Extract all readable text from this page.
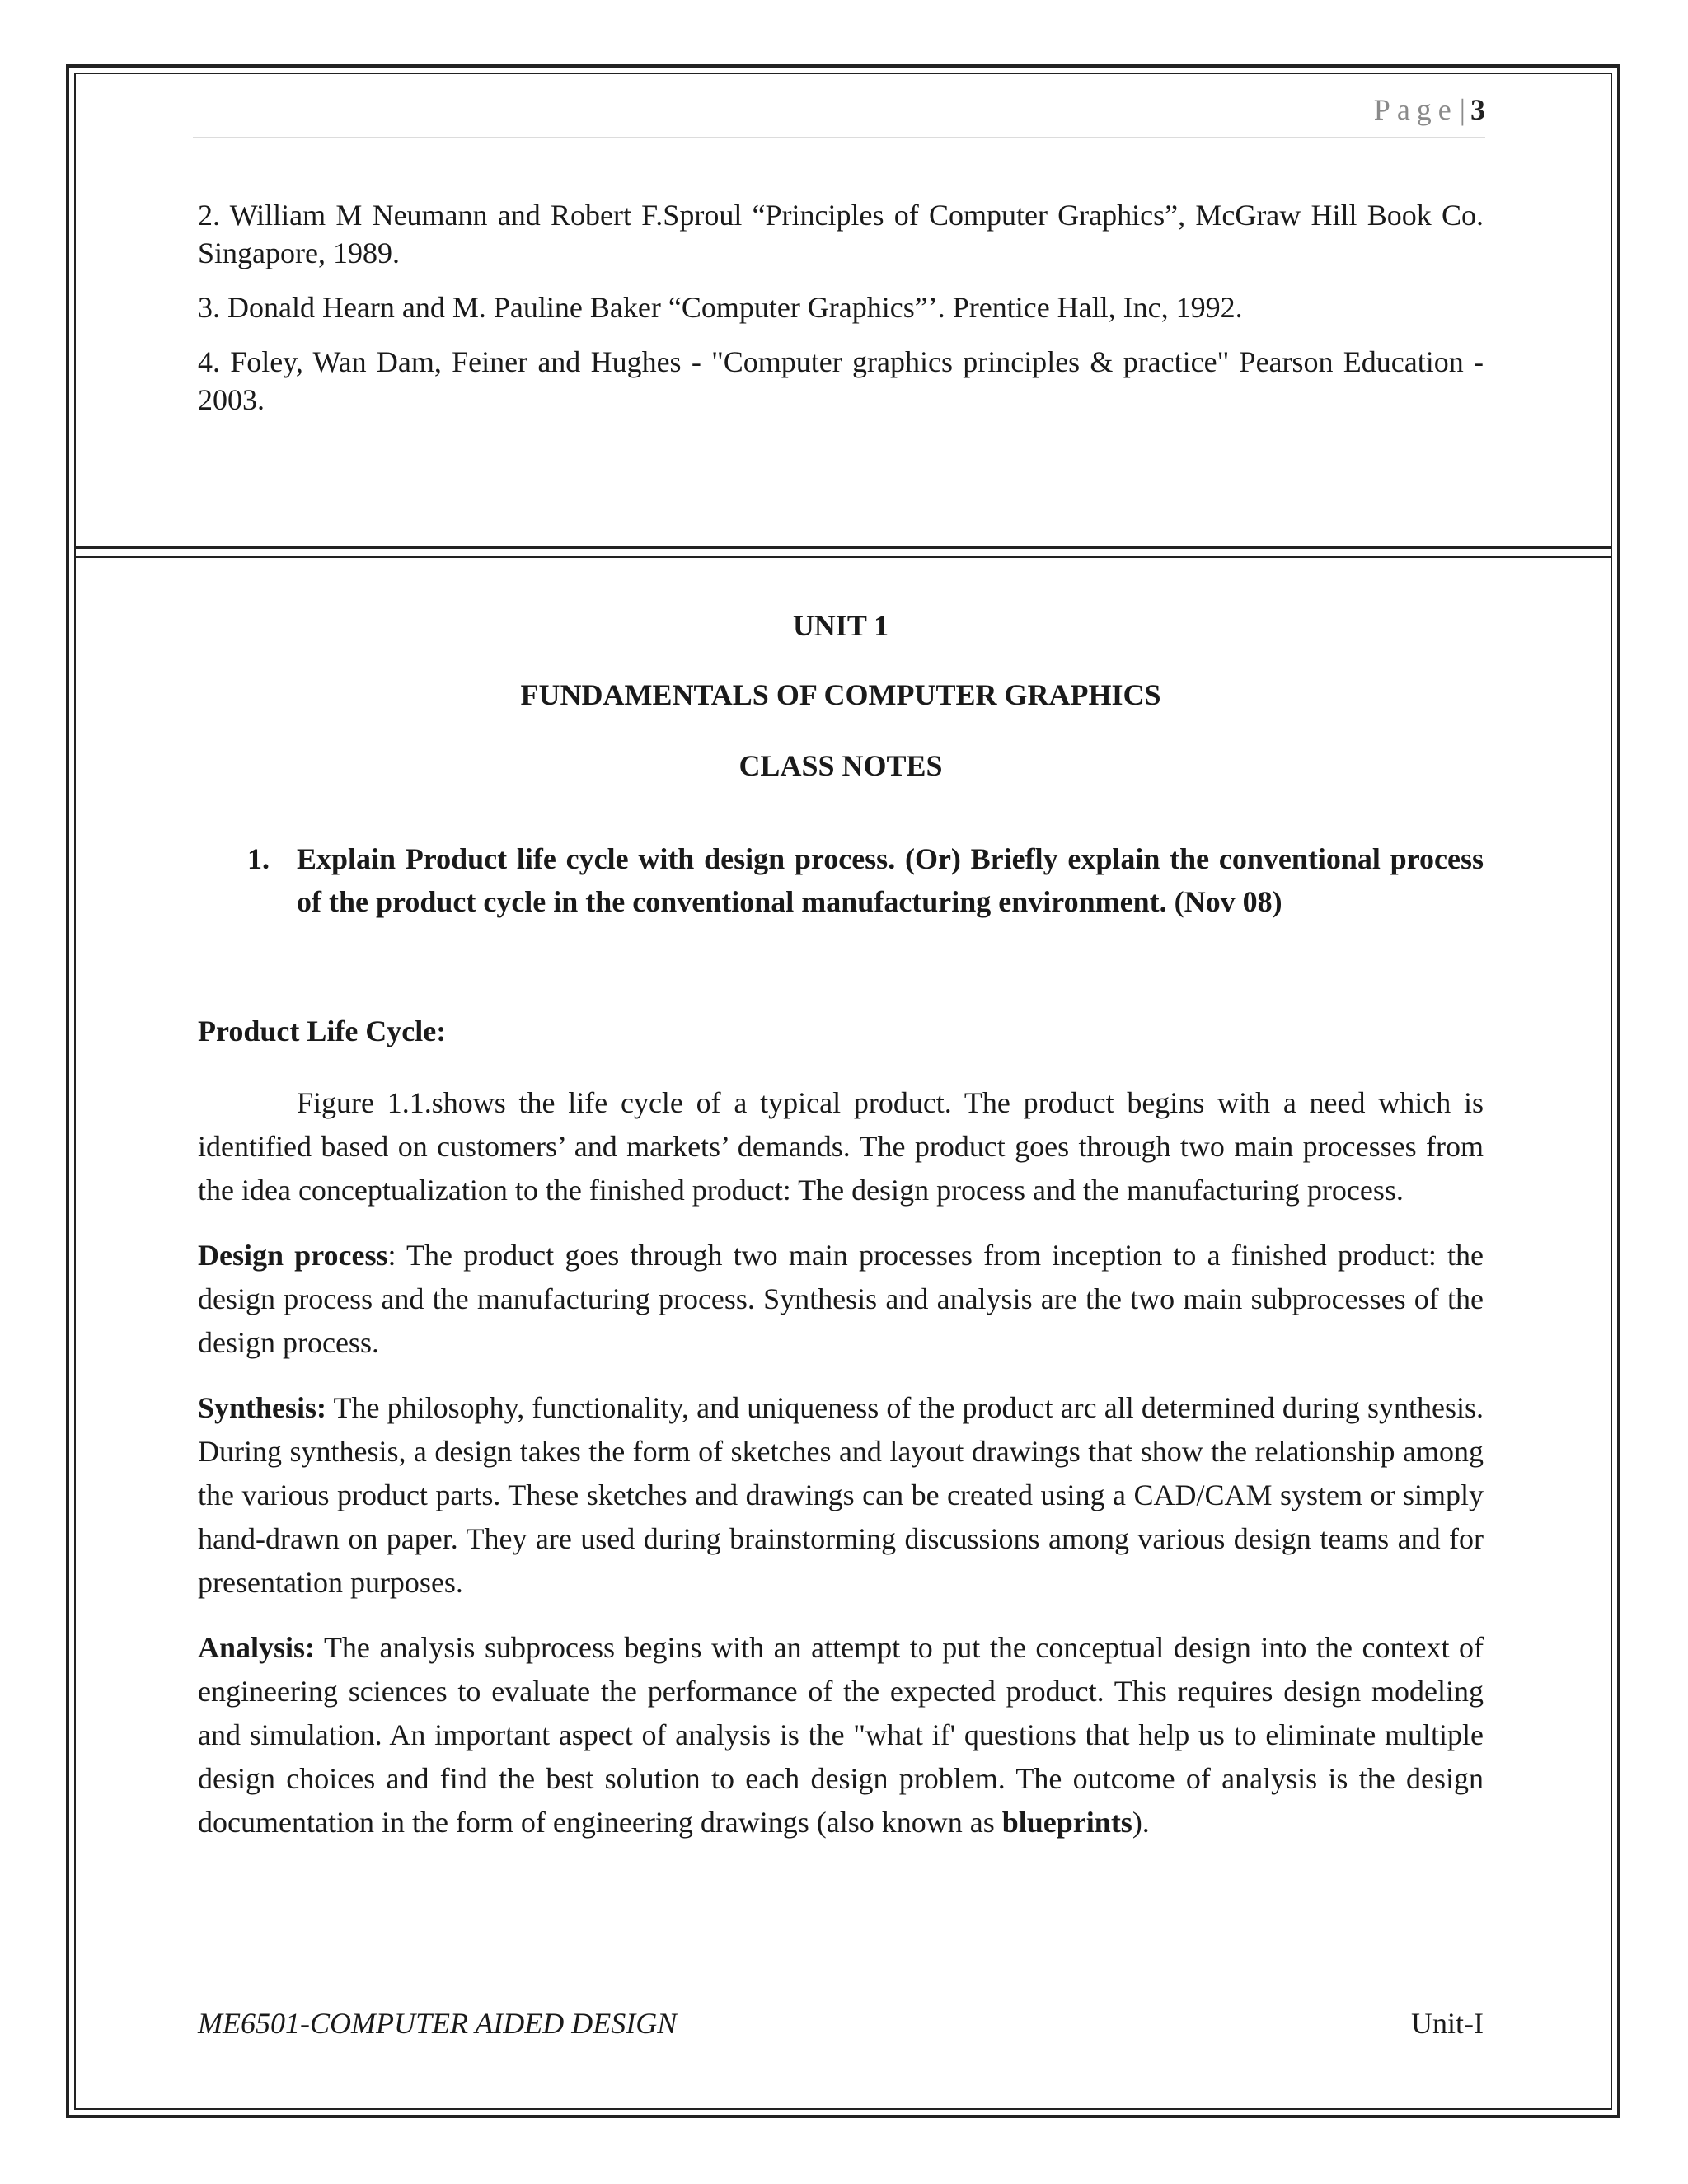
Page| 3

2. William M Neumann and Robert F.Sproul “Principles of Computer Graphics”, McGraw Hill Book Co. Singapore, 1989.

3. Donald Hearn and M. Pauline Baker “Computer Graphics”’. Prentice Hall, Inc, 1992.

4. Foley, Wan Dam, Feiner and Hughes - "Computer graphics principles & practice" Pearson Education - 2003.

UNIT 1
FUNDAMENTALS OF COMPUTER GRAPHICS
CLASS NOTES
1. Explain Product life cycle with design process. (Or) Briefly explain the conventional process of the product cycle in the conventional manufacturing environment. (Nov 08)

Product Life Cycle:

Figure 1.1.shows the life cycle of a typical product. The product begins with a need which is identified based on customers’ and markets’ demands. The product goes through two main processes from the idea conceptualization to the finished product: The design process and the manufacturing process.

Design process: The product goes through two main processes from inception to a finished product: the design process and the manufacturing process. Synthesis and analysis are the two main subprocesses of the design process.

Synthesis: The philosophy, functionality, and uniqueness of the product arc all determined during synthesis. During synthesis, a design takes the form of sketches and layout drawings that show the relationship among the various product parts. These sketches and drawings can be created using a CAD/CAM system or simply hand-drawn on paper. They are used during brainstorming discussions among various design teams and for presentation purposes.

Analysis: The analysis subprocess begins with an attempt to put the conceptual design into the context of engineering sciences to evaluate the performance of the expected product. This requires design modeling and simulation. An important aspect of analysis is the "what if' questions that help us to eliminate multiple design choices and find the best solution to each design problem. The outcome of analysis is the design documentation in the form of engineering drawings (also known as blueprints).

ME6501-COMPUTER AIDED DESIGN	Unit-I
